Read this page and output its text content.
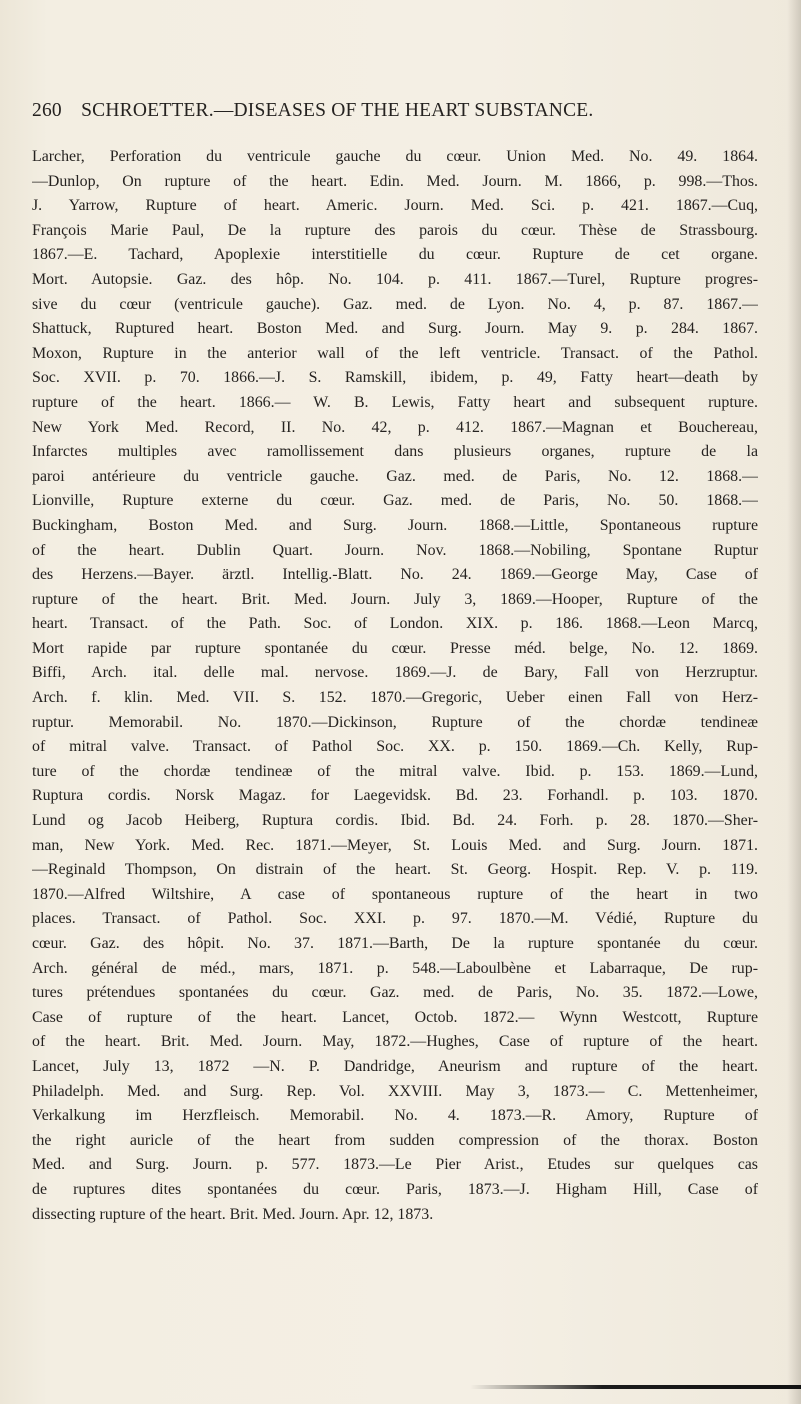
260 SCHROETTER.—DISEASES OF THE HEART SUBSTANCE.
Larcher, Perforation du ventricule gauche du cœur. Union Med. No. 49. 1864.
—Dunlop, On rupture of the heart. Edin. Med. Journ. M. 1866, p. 998.—Thos.
J. Yarrow, Rupture of heart. Americ. Journ. Med. Sci. p. 421. 1867.—Cuq,
François Marie Paul, De la rupture des parois du cœur. Thèse de Strassbourg.
1867.—E. Tachard, Apoplexie interstitielle du cœur. Rupture de cet organe.
Mort. Autopsie. Gaz. des hôp. No. 104. p. 411. 1867.—Turel, Rupture progres-
sive du cœur (ventricule gauche). Gaz. med. de Lyon. No. 4, p. 87. 1867.—
Shattuck, Ruptured heart. Boston Med. and Surg. Journ. May 9. p. 284. 1867.
Moxon, Rupture in the anterior wall of the left ventricle. Transact. of the Pathol.
Soc. XVII. p. 70. 1866.—J. S. Ramskill, ibidem, p. 49, Fatty heart—death by
rupture of the heart. 1866.— W. B. Lewis, Fatty heart and subsequent rupture.
New York Med. Record, II. No. 42, p. 412. 1867.—Magnan et Bouchereau,
Infarctes multiples avec ramollissement dans plusieurs organes, rupture de la
paroi antérieure du ventricle gauche. Gaz. med. de Paris, No. 12. 1868.—
Lionville, Rupture externe du cœur. Gaz. med. de Paris, No. 50. 1868.—
Buckingham, Boston Med. and Surg. Journ. 1868.—Little, Spontaneous rupture
of the heart. Dublin Quart. Journ. Nov. 1868.—Nobiling, Spontane Ruptur
des Herzens.—Bayer. ärztl. Intellig.-Blatt. No. 24. 1869.—George May, Case of
rupture of the heart. Brit. Med. Journ. July 3, 1869.—Hooper, Rupture of the
heart. Transact. of the Path. Soc. of London. XIX. p. 186. 1868.—Leon Marcq,
Mort rapide par rupture spontanée du cœur. Presse méd. belge, No. 12. 1869.
Biffi, Arch. ital. delle mal. nervose. 1869.—J. de Bary, Fall von Herzruptur.
Arch. f. klin. Med. VII. S. 152. 1870.—Gregoric, Ueber einen Fall von Herz-
ruptur. Memorabil. No. 1870.—Dickinson, Rupture of the chordæ tendineæ
of mitral valve. Transact. of Pathol Soc. XX. p. 150. 1869.—Ch. Kelly, Rup-
ture of the chordæ tendineæ of the mitral valve. Ibid. p. 153. 1869.—Lund,
Ruptura cordis. Norsk Magaz. for Laegevidsk. Bd. 23. Forhandl. p. 103. 1870.
Lund og Jacob Heiberg, Ruptura cordis. Ibid. Bd. 24. Forh. p. 28. 1870.—Sher-
man, New York. Med. Rec. 1871.—Meyer, St. Louis Med. and Surg. Journ. 1871.
—Reginald Thompson, On distrain of the heart. St. Georg. Hospit. Rep. V. p. 119.
1870.—Alfred Wiltshire, A case of spontaneous rupture of the heart in two
places. Transact. of Pathol. Soc. XXI. p. 97. 1870.—M. Védié, Rupture du
cœur. Gaz. des hôpit. No. 37. 1871.—Barth, De la rupture spontanée du cœur.
Arch. général de méd., mars, 1871. p. 548.—Laboulbène et Labarraque, De rup-
tures prétendues spontanées du cœur. Gaz. med. de Paris, No. 35. 1872.—Lowe,
Case of rupture of the heart. Lancet, Octob. 1872.— Wynn Westcott, Rupture
of the heart. Brit. Med. Journ. May, 1872.—Hughes, Case of rupture of the heart.
Lancet, July 13, 1872 —N. P. Dandridge, Aneurism and rupture of the heart.
Philadelph. Med. and Surg. Rep. Vol. XXVIII. May 3, 1873.— C. Mettenheimer,
Verkalkung im Herzfleisch. Memorabil. No. 4. 1873.—R. Amory, Rupture of
the right auricle of the heart from sudden compression of the thorax. Boston
Med. and Surg. Journ. p. 577. 1873.—Le Pier Arist., Etudes sur quelques cas
de ruptures dites spontanées du cœur. Paris, 1873.—J. Higham Hill, Case of
dissecting rupture of the heart. Brit. Med. Journ. Apr. 12, 1873.
